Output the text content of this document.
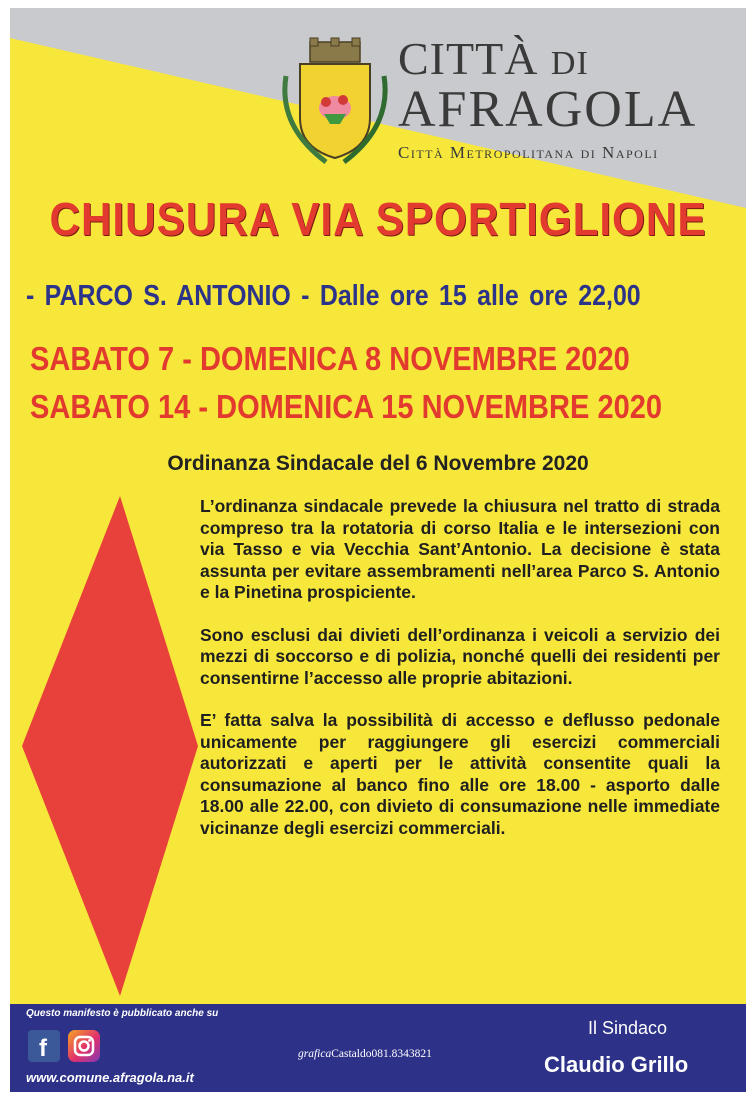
CITTÀ DI
AFRAGOLA
Città Metropolitana di Napoli
CHIUSURA VIA SPORTIGLIONE
- PARCO S. ANTONIO - Dalle ore 15 alle ore 22,00
SABATO 7 - DOMENICA 8 NOVEMBRE 2020
SABATO 14 - DOMENICA 15 NOVEMBRE 2020
Ordinanza Sindacale del 6 Novembre 2020

L’ordinanza sindacale prevede la chiusura nel tratto di strada compreso tra la rotatoria di corso Italia e le intersezioni con via Tasso e via Vecchia Sant’Antonio. La decisione è stata assunta per evitare assembramenti nell’area Parco S. Antonio e la Pinetina prospiciente.

Sono esclusi dai divieti dell’ordinanza i veicoli a servizio dei mezzi di soccorso e di polizia, nonché quelli dei residenti per consentirne l’accesso alle proprie abitazioni.

E’ fatta salva la possibilità di accesso e deflusso pedonale unicamente per raggiungere gli esercizi commerciali autorizzati e aperti per le attività consentite quali la consumazione al banco fino alle ore 18.00 - asporto dalle 18.00 alle 22.00, con divieto di consumazione nelle immediate vicinanze degli esercizi commerciali.

Questo manifesto è pubblicato anche su
f
www.comune.afragola.na.it
graficaCastaldo081.8343821
Il Sindaco
Claudio Grillo
